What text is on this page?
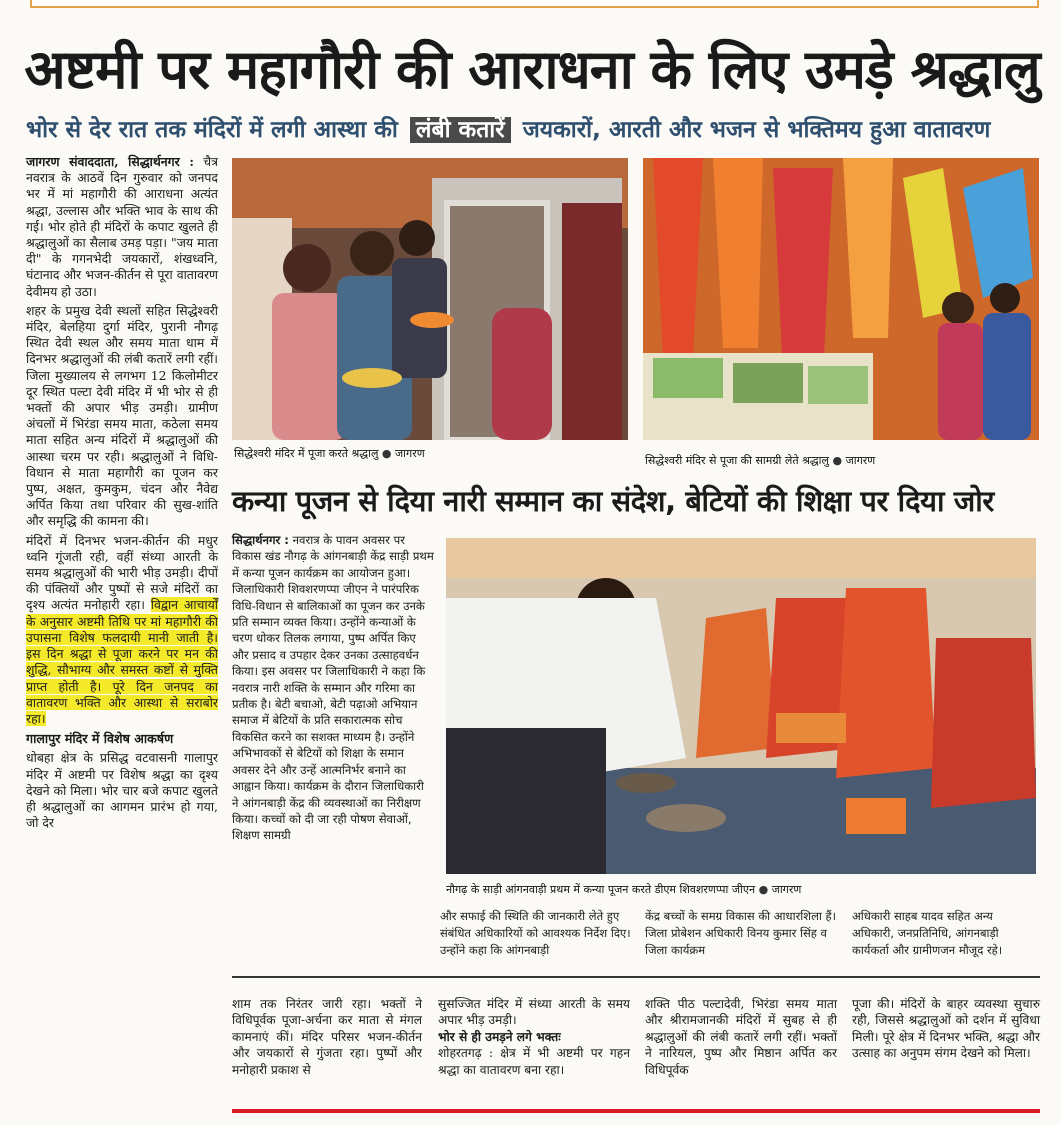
अष्टमी पर महागौरी की आराधना के लिए उमड़े श्रद्धालु
भोर से देर रात तक मंदिरों में लगी आस्था की लंबी कतारें जयकारों, आरती और भजन से भक्तिमय हुआ वातावरण

जागरण संवाददाता, सिद्धार्थनगर : चैत्र नवरात्र के आठवें दिन गुरुवार को जनपद भर में मां महागौरी की आराधना अत्यंत श्रद्धा, उल्लास और भक्ति भाव के साथ की गई। भोर होते ही मंदिरों के कपाट खुलते ही श्रद्धालुओं का सैलाब उमड़ पड़ा। "जय माता दी" के गगनभेदी जयकारों, शंखध्वनि, घंटानाद और भजन-कीर्तन से पूरा वातावरण देवीमय हो उठा।

शहर के प्रमुख देवी स्थलों सहित सिद्धेश्वरी मंदिर, बेलहिया दुर्गा मंदिर, पुरानी नौगढ़ स्थित देवी स्थल और समय माता धाम में दिनभर श्रद्धालुओं की लंबी कतारें लगी रहीं। जिला मुख्यालय से लगभग 12 किलोमीटर दूर स्थित पल्टा देवी मंदिर में भी भोर से ही भक्तों की अपार भीड़ उमड़ी। ग्रामीण अंचलों में भिरंडा समय माता, कठेला समय माता सहित अन्य मंदिरों में श्रद्धालुओं की आस्था चरम पर रही। श्रद्धालुओं ने विधि-विधान से माता महागौरी का पूजन कर पुष्प, अक्षत, कुमकुम, चंदन और नैवेद्य अर्पित किया तथा परिवार की सुख-शांति और समृद्धि की कामना की।

मंदिरों में दिनभर भजन-कीर्तन की मधुर ध्वनि गूंजती रही, वहीं संध्या आरती के समय श्रद्धालुओं की भारी भीड़ उमड़ी। दीपों की पंक्तियों और पुष्पों से सजे मंदिरों का दृश्य अत्यंत मनोहारी रहा। विद्वान आचार्यों के अनुसार अष्टमी तिथि पर मां महागौरी की उपासना विशेष फलदायी मानी जाती है। इस दिन श्रद्धा से पूजा करने पर मन की शुद्धि, सौभाग्य और समस्त कष्टों से मुक्ति प्राप्त होती है। पूरे दिन जनपद का वातावरण भक्ति और आस्था से सराबोर रहा।

गालापुर मंदिर में विशेष आकर्षण

धोबहा क्षेत्र के प्रसिद्ध वटवासनी गालापुर मंदिर में अष्टमी पर विशेष श्रद्धा का दृश्य देखने को मिला। भोर चार बजे कपाट खुलते ही श्रद्धालुओं का आगमन प्रारंभ हो गया, जो देर

सिद्धेश्वरी मंदिर में पूजा करते श्रद्धालु ● जागरण
सिद्धेश्वरी मंदिर से पूजा की सामग्री लेते श्रद्धालु ● जागरण
कन्या पूजन से दिया नारी सम्मान का संदेश, बेटियों की शिक्षा पर दिया जोर
सिद्धार्थनगर : नवरात्र के पावन अवसर पर विकास खंड नौगढ़ के आंगनबाड़ी केंद्र साड़ी प्रथम में कन्या पूजन कार्यक्रम का आयोजन हुआ। जिलाधिकारी शिवशरणप्पा जीएन ने पारंपरिक विधि-विधान से बालिकाओं का पूजन कर उनके प्रति सम्मान व्यक्त किया। उन्होंने कन्याओं के चरण धोकर तिलक लगाया, पुष्प अर्पित किए और प्रसाद व उपहार देकर उनका उत्साहवर्धन किया। इस अवसर पर जिलाधिकारी ने कहा कि नवरात्र नारी शक्ति के सम्मान और गरिमा का प्रतीक है। बेटी बचाओ, बेटी पढ़ाओ अभियान समाज में बेटियों के प्रति सकारात्मक सोच विकसित करने का सशक्त माध्यम है। उन्होंने अभिभावकों से बेटियों को शिक्षा के समान अवसर देने और उन्हें आत्मनिर्भर बनाने का आह्वान किया। कार्यक्रम के दौरान जिलाधिकारी ने आंगनबाड़ी केंद्र की व्यवस्थाओं का निरीक्षण किया। कच्चों को दी जा रही पोषण सेवाओं, शिक्षण सामग्री
नौगढ़ के साड़ी आंगनवाड़ी प्रथम में कन्या पूजन करते डीएम शिवशरणप्पा जीएन ● जागरण
और सफाई की स्थिति की जानकारी लेते हुए संबंधित अधिकारियों को आवश्यक निर्देश दिए। उन्होंने कहा कि आंगनबाड़ी
केंद्र बच्चों के समग्र विकास की आधारशिला हैं। जिला प्रोबेशन अधिकारी विनय कुमार सिंह व जिला कार्यक्रम
अधिकारी साहब यादव सहित अन्य अधिकारी, जनप्रतिनिधि, आंगनबाड़ी कार्यकर्ता और ग्रामीणजन मौजूद रहे।

शाम तक निरंतर जारी रहा। भक्तों ने विधिपूर्वक पूजा-अर्चना कर माता से मंगल कामनाएं कीं। मंदिर परिसर भजन-कीर्तन और जयकारों से गुंजता रहा। पुष्पों और मनोहारी प्रकाश से

सुसज्जित मंदिर में संध्या आरती के समय अपार भीड़ उमड़ी।

भोर से ही उमड़ने लगे भक्तः

शोहरतगढ़ : क्षेत्र में भी अष्टमी पर गहन श्रद्धा का वातावरण बना रहा।

शक्ति पीठ पल्टादेवी, भिरंडा समय माता और श्रीरामजानकी मंदिरों में सुबह से ही श्रद्धालुओं की लंबी कतारें लगी रहीं। भक्तों ने नारियल, पुष्प और मिष्ठान अर्पित कर विधिपूर्वक

पूजा की। मंदिरों के बाहर व्यवस्था सुचारु रही, जिससे श्रद्धालुओं को दर्शन में सुविधा मिली। पूरे क्षेत्र में दिनभर भक्ति, श्रद्धा और उत्साह का अनुपम संगम देखने को मिला।
